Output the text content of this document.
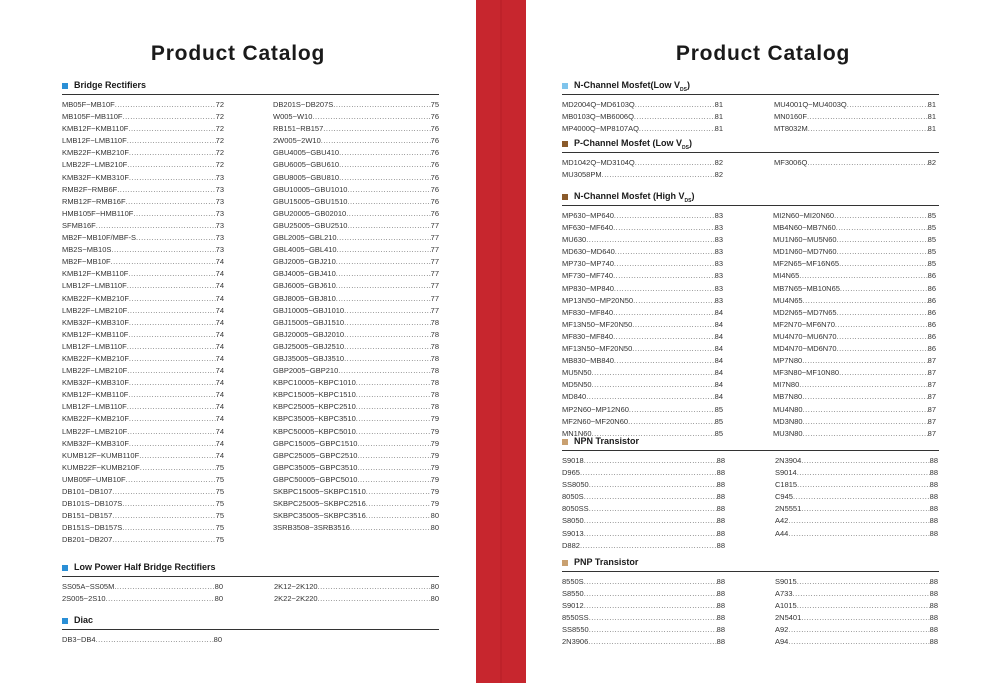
Product Catalog
Bridge Rectifiers
MB05F~MB10F .....	72
MB105F~MB110F .....	72
KMB12F~KMB110F .....	72
LMB12F~LMB110F .....	72
KMB22F~KMB210F .....	72
LMB22F~LMB210F .....	72
KMB32F~KMB310F .....	73
RMB2F~RMB6F .....	73
RMB12F~RMB16F .....	73
HMB105F~HMB110F .....	73
SFMB16F .....	73
MB2F~MB10F/MBF-S .....	73
MB2S~MB10S .....	73
MB2F~MB10F .....	74
KMB12F~KMB110F .....	74
LMB12F~LMB110F .....	74
KMB22F~KMB210F .....	74
LMB22F~LMB210F .....	74
KMB32F~KMB310F .....	74
KMB12F~KMB110F .....	74
LMB12F~LMB110F .....	74
KMB22F~KMB210F .....	74
LMB22F~LMB210F .....	74
KMB32F~KMB310F .....	74
KMB12F~KMB110F .....	74
LMB12F~LMB110F .....	74
KMB22F~KMB210F .....	74
LMB22F~LMB210F .....	74
KMB32F~KMB310F .....	74
KUMB12F~KUMB110F .....	74
KUMB22F~KUMB210F .....	75
UMB05F~UMB10F .....	75
DB101~DB107 .....	75
DB101S~DB107S .....	75
DB151~DB157 .....	75
DB151S~DB157S .....	75
DB201~DB207 .....	75
DB201S~DB207S .....	75
W005~W10 .....	76
RB151~RB157 .....	76
2W005~2W10 .....	76
GBU4005~GBU410 .....	76
GBU6005~GBU610 .....	76
GBU8005~GBU810 .....	76
GBU10005~GBU1010 .....	76
GBU15005~GBU1510 .....	76
GBU20005~GB02010 .....	76
GBU25005~GBU2510 .....	77
GBL2005~GBL210 .....	77
GBL4005~GBL410 .....	77
GBJ2005~GBJ210 .....	77
GBJ4005~GBJ410 .....	77
GBJ6005~GBJ610 .....	77
GBJ8005~GBJ810 .....	77
GBJ10005~GBJ1010 .....	77
GBJ15005~GBJ1510 .....	78
GBJ20005~GBJ2010 .....	78
GBJ25005~GBJ2510 .....	78
GBJ35005~GBJ3510 .....	78
GBP2005~GBP210 .....	78
KBPC10005~KBPC1010 .....	78
KBPC15005~KBPC1510 .....	78
KBPC25005~KBPC2510 .....	78
KBPC35005~KBPC3510 .....	79
KBPC50005~KBPC5010 .....	79
GBPC15005~GBPC1510 .....	79
GBPC25005~GBPC2510 .....	79
GBPC35005~GBPC3510 .....	79
GBPC50005~GBPC5010 .....	79
SKBPC15005~SKBPC1510 .....	79
SKBPC25005~SKBPC2516 .....	79
SKBPC35005~SKBPC3516 .....	80
3SRB3508~3SRB3516 .....	80
Low Power Half Bridge Rectifiers
SS05A~SS05M .....	80
2S005~2S10 .....	80
2K12~2K120 .....	80
2K22~2K220 .....	80
Diac
DB3~DB4 .....	80
Product Catalog
N-Channel Mosfet(Low $V_{DS}$)
MD2004Q~MD6103Q .....	81
MB0103Q~MB6006Q .....	81
MP4000Q~MP8107AQ .....	81
MU4001Q~MU4003Q .....	81
MN0160F .....	81
MT8032M .....	81
P-Channel Mosfet (Low $V_{DS}$)
MD1042Q~MD3104Q .....	82
MU3058PM .....	82
MF3006Q .....	82
N-Channel Mosfet (High $V_{DS}$)
MP630~MP640 .....	83
MF630~MF640 .....	83
MU630 .....	83
MD630~MD640 .....	83
MP730~MP740 .....	83
MF730~MF740 .....	83
MP830~MP840 .....	83
MP13N50~MP20N50 .....	83
MF830~MF840 .....	84
MF13N50~MF20N50 .....	84
MF830~MF840 .....	84
MF13N50~MF20N50 .....	84
MB830~MB840 .....	84
MU5N50 .....	84
MD5N50 .....	84
MD840 .....	84
MP2N60~MP12N60 .....	85
MF2N60~MF20N60 .....	85
MN1N60 .....	85
MI2N60~MI20N60 .....	85
MB4N60~MB7N60 .....	85
MU1N60~MU5N60 .....	85
MD1N60~MD7N60 .....	85
MF2N65~MF16N65 .....	85
MI4N65 .....	86
MB7N65~MB10N65 .....	86
MU4N65 .....	86
MD2N65~MD7N65 .....	86
MF2N70~MF6N70 .....	86
MU4N70~MU6N70 .....	86
MD4N70~MD6N70 .....	86
MP7N80 .....	87
MF3N80~MF10N80 .....	87
MI7N80 .....	87
MB7N80 .....	87
MU4N80 .....	87
MD3N80 .....	87
MU3N80 .....	87
NPN Transistor
S9018 .....	88
D965 .....	88
SS8050 .....	88
8050S .....	88
8050SS .....	88
S8050 .....	88
S9013 .....	88
D882 .....	88
2N3904 .....	88
S9014 .....	88
C1815 .....	88
C945 .....	88
2N5551 .....	88
A42 .....	88
A44 .....	88
PNP Transistor
8550S .....	88
S8550 .....	88
S9012 .....	88
8550SS .....	88
SS8550 .....	88
2N3906 .....	88
S9015 .....	88
A733 .....	88
A1015 .....	88
2N5401 .....	88
A92 .....	88
A94 .....	88
